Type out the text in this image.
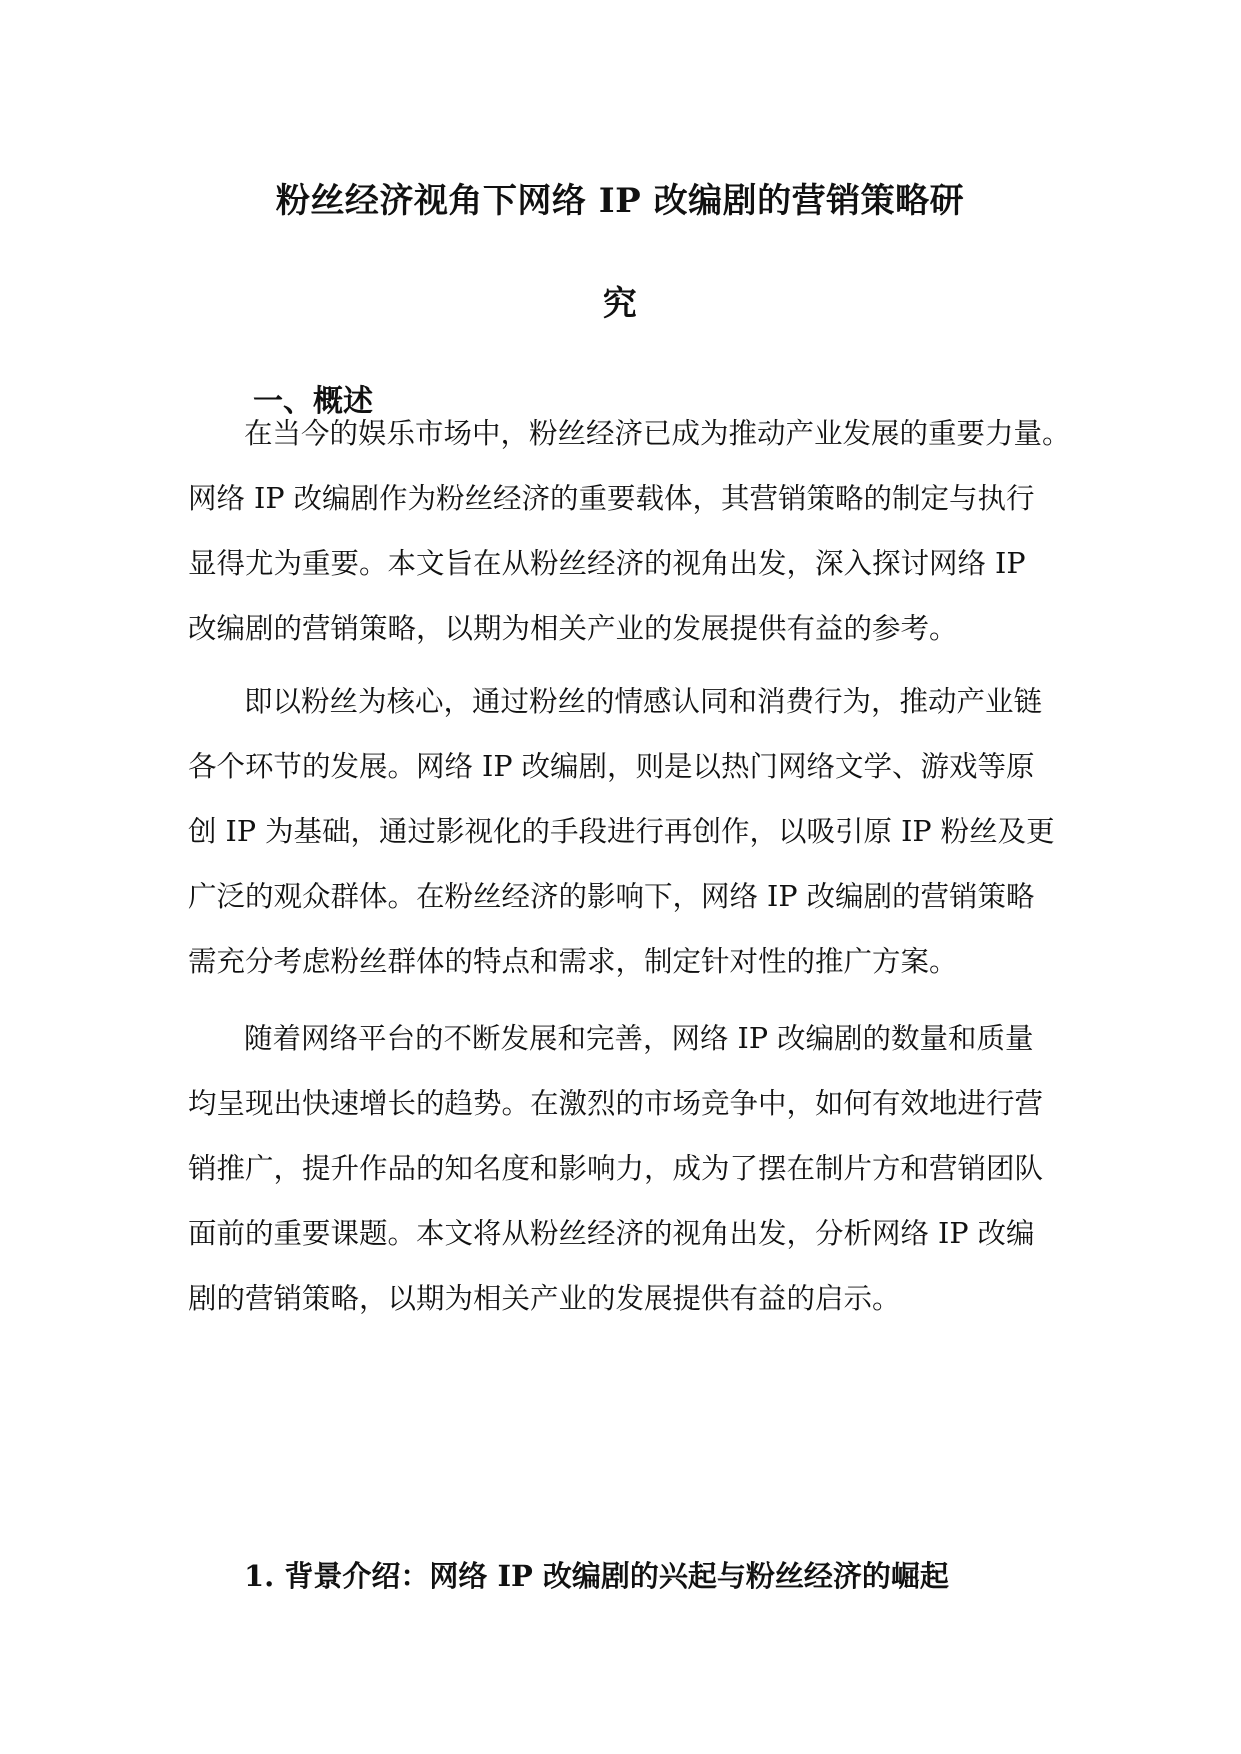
粉丝经济视角下网络 IP 改编剧的营销策略研
究
一、概述

在当今的娱乐市场中，粉丝经济已成为推动产业发展的重要力量。

网络 IP 改编剧作为粉丝经济的重要载体，其营销策略的制定与执行

显得尤为重要。本文旨在从粉丝经济的视角出发，深入探讨网络 IP

改编剧的营销策略，以期为相关产业的发展提供有益的参考。

即以粉丝为核心，通过粉丝的情感认同和消费行为，推动产业链

各个环节的发展。网络 IP 改编剧，则是以热门网络文学、游戏等原

创 IP 为基础，通过影视化的手段进行再创作，以吸引原 IP 粉丝及更

广泛的观众群体。在粉丝经济的影响下，网络 IP 改编剧的营销策略

需充分考虑粉丝群体的特点和需求，制定针对性的推广方案。

随着网络平台的不断发展和完善，网络 IP 改编剧的数量和质量

均呈现出快速增长的趋势。在激烈的市场竞争中，如何有效地进行营

销推广，提升作品的知名度和影响力，成为了摆在制片方和营销团队

面前的重要课题。本文将从粉丝经济的视角出发，分析网络 IP 改编

剧的营销策略，以期为相关产业的发展提供有益的启示。

1. 背景介绍：网络 IP 改编剧的兴起与粉丝经济的崛起
